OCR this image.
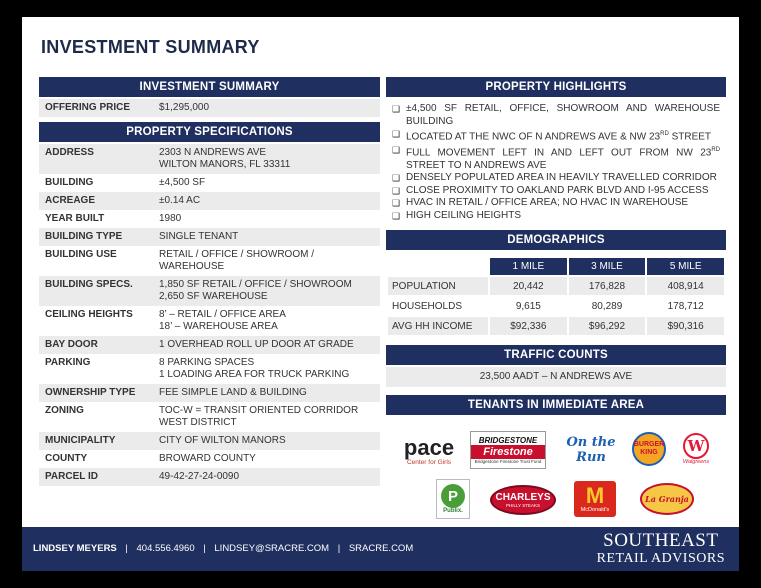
INVESTMENT SUMMARY
INVESTMENT SUMMARY
OFFERING PRICE	$1,295,000
PROPERTY SPECIFICATIONS
ADDRESS	2303 N ANDREWS AVE
WILTON MANORS, FL 33311
BUILDING	±4,500 SF
ACREAGE	±0.14 AC
YEAR BUILT	1980
BUILDING TYPE	SINGLE TENANT
BUILDING USE	RETAIL / OFFICE / SHOWROOM /
WAREHOUSE
BUILDING SPECS.	1,850 SF RETAIL / OFFICE / SHOWROOM
2,650 SF WAREHOUSE
CEILING HEIGHTS	8’ – RETAIL / OFFICE AREA
18’ – WAREHOUSE AREA
BAY DOOR	1 OVERHEAD ROLL UP DOOR AT GRADE
PARKING	8 PARKING SPACES
1 LOADING AREA FOR TRUCK PARKING
OWNERSHIP TYPE	FEE SIMPLE LAND & BUILDING
ZONING	TOC-W = TRANSIT ORIENTED CORRIDOR
WEST DISTRICT
MUNICIPALITY	CITY OF WILTON MANORS
COUNTY	BROWARD COUNTY
PARCEL ID	49-42-27-24-0090
PROPERTY HIGHLIGHTS
❑ ±4,500 SF RETAIL, OFFICE, SHOWROOM AND WAREHOUSE BUILDING
❑ LOCATED AT THE NWC OF N ANDREWS AVE & NW 23RD STREET
❑ FULL MOVEMENT LEFT IN AND LEFT OUT FROM NW 23RD STREET TO N ANDREWS AVE
❑ DENSELY POPULATED AREA IN HEAVILY TRAVELLED CORRIDOR
❑ CLOSE PROXIMITY TO OAKLAND PARK BLVD AND I-95 ACCESS
❑ HVAC IN RETAIL / OFFICE AREA; NO HVAC IN WAREHOUSE
❑ HIGH CEILING HEIGHTS
DEMOGRAPHICS
	1 MILE	3 MILE	5 MILE
POPULATION	20,442	176,828	408,914
HOUSEHOLDS	9,615	80,289	178,712
AVG HH INCOME	$92,336	$96,292	$90,316
TRAFFIC COUNTS
23,500 AADT – N ANDREWS AVE
TENANTS IN IMMEDIATE AREA
pace
Center for Girls
BRIDGESTONE
Firestone
Bridgestone Firestone Trust Fund
On the Run
BURGER
KING	W
Walgreens
P
Publix.
CHARLEYS
PHILLY STEAKS M
McDonald's
La Granja
LINDSEY MEYERS | 404.556.4960 | LINDSEY@SRACRE.COM | SRACRE.COM	SOUTHEAST
RETAIL ADVISORS
